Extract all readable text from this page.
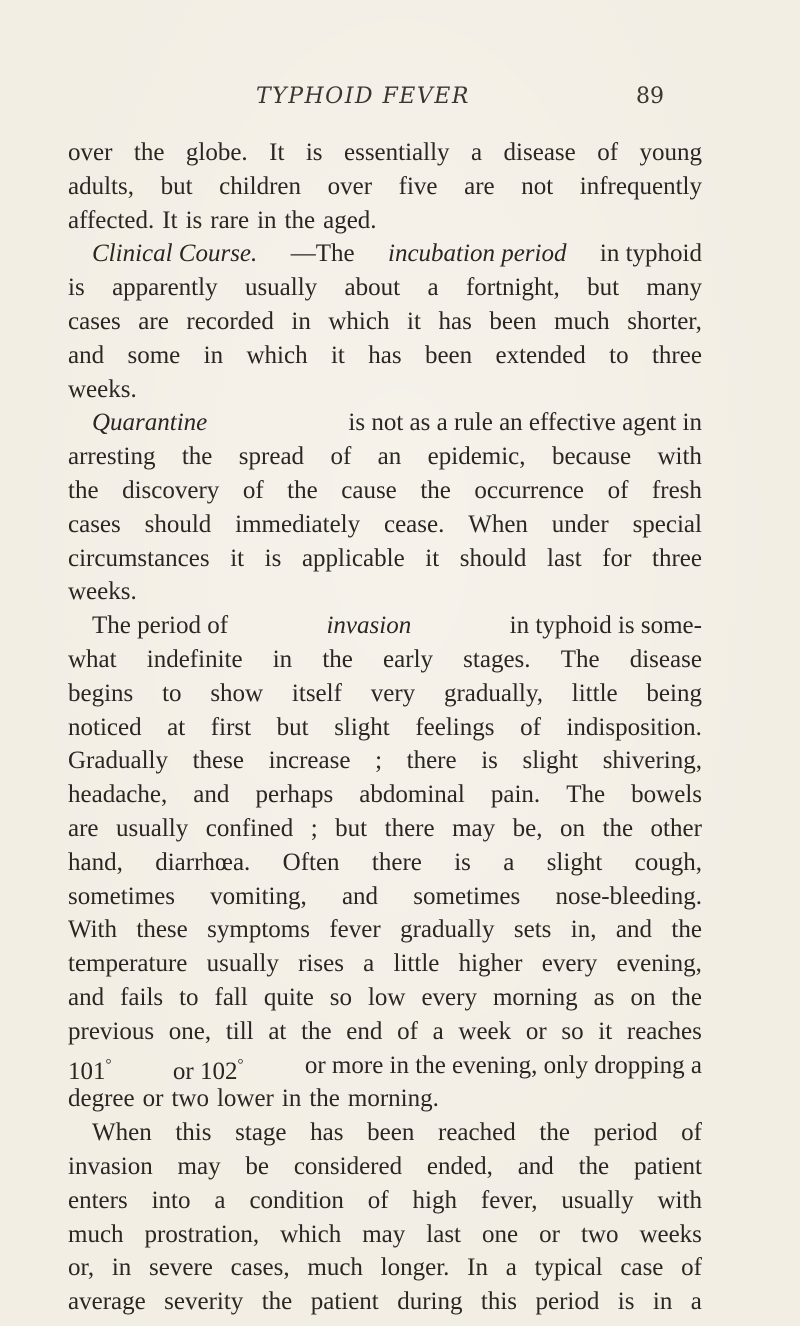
TYPHOID FEVER	89
over the globe. It is essentially a disease of young
adults, but children over five are not infrequently
affected. It is rare in the aged.
Clinical Course. —The incubation period in typhoid
is apparently usually about a fortnight, but many
cases are recorded in which it has been much shorter,
and some in which it has been extended to three
weeks.
Quarantine	is not as a rule an effective agent in
arresting the spread of an epidemic, because with
the discovery of the cause the occurrence of fresh
cases should immediately cease. When under special
circumstances it is applicable it should last for three
weeks.
The period of	invasion	in typhoid is some-
what indefinite in the early stages. The disease
begins to show itself very gradually, little being
noticed at first but slight feelings of indisposition.
Gradually these increase ; there is slight shivering,
headache, and perhaps abdominal pain. The bowels
are usually confined ; but there may be, on the other
hand, diarrhœa. Often there is a slight cough,
sometimes vomiting, and sometimes nose-bleeding.
With these symptoms fever gradually sets in, and the
temperature usually rises a little higher every evening,
and fails to fall quite so low every morning as on the
previous one, till at the end of a week or so it reaches
101° or 102° or more in the evening, only dropping a
degree or two lower in the morning.
When this stage has been reached the period of
invasion may be considered ended, and the patient
enters into a condition of high fever, usually with
much prostration, which may last one or two weeks
or, in severe cases, much longer. In a typical case of
average severity the patient during this period is in a
